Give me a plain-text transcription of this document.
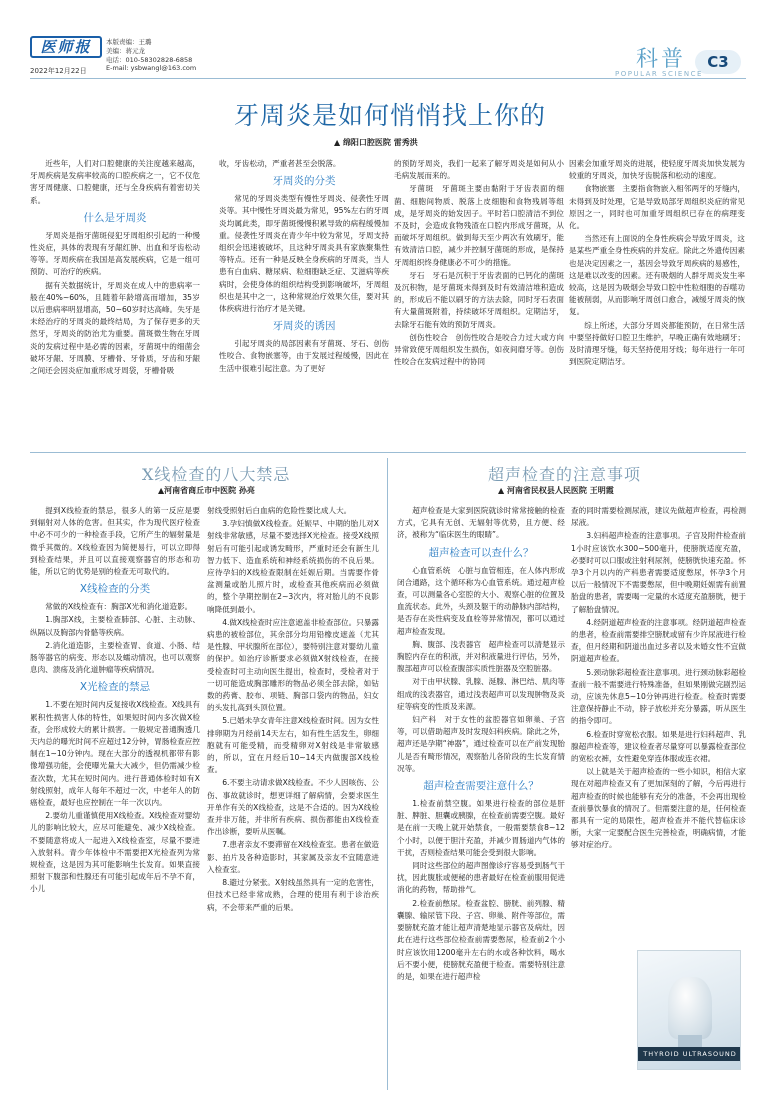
医师报
2022年12月22日
本版责编：王璐
美编：蒋元龙
电话：010-58302828-6858
E-mail: ysbwangl@163.com	科普	C3
POPULAR SCIENCE
牙周炎是如何悄悄找上你的
▲ 绵阳口腔医院 雷秀洪

近些年，人们对口腔健康的关注度越来越高，牙周疾病是发病率较高的口腔疾病之一，它不仅危害牙周健康、口腔健康，还与全身疾病有着密切关系。

什么是牙周炎

牙周炎是指牙菌斑侵犯牙周组织引起的一种慢性炎症，具体的表现有牙龈红肿、出血和牙齿松动等等。牙周疾病在我国是高发展疾病，它是一组可预防、可治疗的疾病。

据有关数据统计，牙周炎在成人中的患病率一般在40%~60%，且随着年龄增高而增加，35岁以后患病率明显增高，50~60岁时达高峰。失牙是未经治疗的牙周炎的最终结局，为了保存更多的天然牙，牙周炎的防治尤为重要。菌斑微生物在牙周炎的发病过程中是必需的因素，牙菌斑中的细菌会破坏牙龈、牙周膜、牙槽骨、牙骨质，牙齿和牙龈之间还会因炎症加重形成牙周袋，牙槽骨吸

收，牙齿松动，严重者甚至会脱落。

牙周炎的分类

常见的牙周炎类型有慢性牙周炎、侵袭性牙周炎等。其中慢性牙周炎最为常见，95%左右的牙周炎均属此类，即牙菌斑慢慢积累导致的病程缓慢加重。侵袭性牙周炎在青少年中较为常见，牙周支持组织会迅速被破坏，且这种牙周炎具有家族聚集性等特点。还有一种是反映全身疾病的牙周炎，当人患有白血病、糖尿病、粒细胞缺乏症、艾滋病等疾病时，会使身体的组织结构受到影响破坏，牙周组织也是其中之一，这种常规治疗效果欠佳，要对其体疾病进行治疗才是关键。

牙周炎的诱因

引起牙周炎的局部因素有牙菌斑、牙石、创伤性咬合、食物嵌塞等，由于发展过程缓慢，因此在生活中很难引起注意。为了更好

的预防牙周炎，我们一起来了解牙周炎是如何从小毛病发展而来的。

牙菌斑　牙菌斑主要由黏附于牙齿表面的细菌、细胞间物质、脱落上皮细胞和食物残屑等组成，是牙周炎的始发因子。平时若口腔清洁不到位不及时，会造成食物残渣在口腔内形成牙菌斑，从而破坏牙周组织。做到每天至少两次有效刷牙，能有效清洁口腔，减少并控制牙菌斑的形成，是保持牙周组织终身健康必不可少的措施。

牙石　牙石是沉积于牙齿表面的已钙化的菌斑及沉积物，是牙菌斑未得到及时有效清洁堆积造成的，形成后不能以刷牙的方法去除，同时牙石表面有大量菌斑附着，持续破坏牙周组织。定期洁牙，去除牙石能有效的预防牙周炎。

创伤性咬合　创伤性咬合是咬合力过大或方向异常致使牙周组织发生损伤，如夜间磨牙等。创伤性咬合在发病过程中的协同

因素会加重牙周炎的进展，使轻度牙周炎加快发展为较重的牙周炎，加快牙齿脱落和松动的速度。

食物嵌塞　主要指食物嵌入相邻两牙的牙缝内，未得到及时处理，它是导致局部牙周组织炎症的常见原因之一，同时也可加重牙周组织已存在的病理变化。

当然还有上面说的全身性疾病会导致牙周炎，这是某些严重全身性疾病的并发症。除此之外遗传因素也是决定因素之一，基因会导致牙周疾病的易感性，这是难以改变的因素。还有吸烟的人群牙周炎发生率较高，这是因为吸烟会导致口腔中性粒细胞的吞噬功能被削弱，从而影响牙周创口愈合，减缓牙周炎的恢复。

综上所述，大部分牙周炎都能预防，在日常生活中要坚持做好口腔卫生维护，早晚正确有效地刷牙；及时清理牙缝，每天坚持使用牙线；每年进行一年可到医院定期洁牙。

X线检查的八大禁忌
▲河南省商丘市中医院 孙亮

提到X线检查的禁忌，很多人的第一反应是要到辐射对人体的危害。但其实，作为现代医疗检查中必不可少的一种检查手段，它所产生的辐射量是微乎其微的。X线检查因为简便易行，可以立即得到检查结果，并且可以直接观察器官的形态和功能，所以它的优势是别的检查无可取代的。

X线检查的分类

常做的X线检查有：胸部X光和消化道造影。

1.胸部X线，主要检查肺部、心脏、主动脉、纵隔以及胸部内骨骼等疾病。

2.消化道造影，主要检查胃、食道、小肠、结肠等器官的病变、形态以及蠕动情况，也可以观察息肉、溃疡及消化道肿瘤等疾病情况。

X光检查的禁忌

1.不要在短时间内反复接收X线检查。X线具有累积性损害人体的特性，如果短时间内多次做X检查，会形成较大的累计损害。一般规定普通胸透几天内总的曝光时间不应超过12分钟，胃肠检查应控制在1~10分钟内。现在大部分的透视机都带有影像增强功能，会使曝光量大大减少，但仍需减少检查次数，尤其在短时间内。进行普通体检时如有X射线照射，成年人每年不超过一次，中老年人的防癌检查，最好也应控制在一年一次以内。

2.要幼儿重谨慎使用X线检查。X线检查对婴幼儿的影响比较大，应尽可能避免、减少X线检查。不要随意将成人一起进入X线检查室，尽量不要进入放射科。青少年体检中不需要把X光检查列为常规检查，这是因为其可能影响生长发育。如果直接照射下腹部和性腺还有可能引起成年后不孕不育，小儿

射线受照射后白血病的危险性要比成人大。

3.孕妇慎做X线检查。妊娠早、中期的胎儿对X射线非常敏感，尽量不要选择X光检查。接受X线照射后有可能引起或诱发畸形，严重时还会有新生儿智力低下、造血系统和神经系统损伤的不良后果。应待孕妇的X线检查限制在妊娠后期。当需要作骨盆测量或胎儿照片时，或检查其他疾病而必须做的，整个孕期控制在2~3次内，将对胎儿的不良影响降低到最小。

4.做X线检查时应注意遮盖非检查部位。只暴露病患的被检部位，其余部分均用铅橡皮遮盖（尤其是性腺、甲状腺所在部位），要特别注意对婴幼儿童的保护。如治疗诊断要求必须做X射线检查，在接受检查时可主动向医生提出，检查时，受检者对于一切可能造成胸部雕形的物品必须全部去除，如钻数的药膏、胶布、项链、胸部口袋内的物品，妇女的头发扎高到头顶位置。

5.已婚未孕女青年注意X线检查时间。因为女性排卵期为月经前14天左右，如有性生活发生，卵细胞就有可能受精，而受精卵对X射线是非常敏感的，所以，宜在月经后10~14天内做腹部X线检查。

6.不要主动请求做X线检查。不少人因咳伤、公伤、事故就诊时，想更详细了解病情，会要求医生开单作有关的X线检查，这是不合适的。因为X线检查并非万能，并非所有疾病、损伤都能由X线检查作出诊断，要听从医嘱。

7.患者亲友不要滞留在X线检查室。患者在做造影、拍片及各种造影时，其家属及亲友不宜随意进入检查室。

8.避过分紧张。X射线虽然具有一定的危害性，但技术已经非常成熟，合理的使用有利于诊治疾病，不会带来严重的后果。

超声检查的注意事项
▲ 河南省民权县人民医院 王明霞

超声检查是大家到医院就诊时常常接触的检查方式，它具有无创、无辐射等优势，且方便、经济，被称为“临床医生的眼睛”。

超声检查可以查什么？

心血管系统　心脏与血管相连，在人体内形成闭合通路，这个循环称为心血管系统。通过超声检查，可以测量各心室腔的大小、观察心脏的位置及血流状态。此外，头颈及躯干的动静脉内部结构，是否存在炎性病变及血栓等异常情况，都可以通过超声检查发现。

胸、腹部、浅表器官　超声检查可以清楚显示胸腔内存在的积液，并对积液量进行评估，另外，腹部超声可以检查腹部实质性脏器及空腔脏器。

对于由甲状腺、乳腺、涎腺、淋巴结、肌肉等组成的浅表器官，通过浅表超声可以发现肿物及炎症等病变的性质及来源。

妇产科　对于女性的盆腔器官如卵巢、子宫等，可以借助超声及时发现妇科疾病。除此之外，超声还是孕期“神器”，通过检查可以在产前发现胎儿是否有畸形情况，观察胎儿各阶段的生长发育情况等。

超声检查需要注意什么？

1.检查前禁空腹。如果进行检查的部位是肝脏、脾脏、胆囊或胰腺，在检查前需要空腹。最好是在前一天晚上就开始禁食，一般需要禁食8~12个小时，以便于胆汁充盈，并减少胃肠道内气体的干扰，否则检查结果可能会受到很大影响。

同时这些部位的超声图像诊疗容易受到肠气干扰，因此腹胀或便秘的患者最好在检查前服用促进消化的药物，帮助排气。

2.检查前憋尿。检查盆腔、膀胱、前列腺、精囊腺、输尿管下段、子宫、卵巢、附件等部位，需要膀胱充盈才能让超声清楚地显示器官及病灶，因此在进行这些部位检查前需要憋尿，检查前2个小时应该饮用1200毫升左右的水或各种饮料，喝水后不要小便，使膀胱充盈便于检查。需要特别注意的是，如果在进行超声检

查的同时需要检测尿液，建议先做超声检查，再检测尿液。

3.妇科超声检查的注意事项。子宫及附件检查前1小时应该饮水300~500毫升，使膀胱适度充盈，必要时可以口服或注射利尿剂，使膀胱快速充盈。怀孕3个月以内的产科患者需要适度憋尿，怀孕3个月以后一般情况下不需要憋尿，但中晚期妊娠需有前置胎盘的患者，需要喝一定量的水适度充盈膀胱，便于了解胎盘情况。

4.经阴道超声检查的注意事项。经阴道超声检查的患者，检查前需要排空膀胱或留有少许尿液进行检查，但月经期和阴道出血过多者以及未婚女性不宜做阴道超声检查。

5.颈动脉彩超检查注意事项。进行颈动脉彩超检查前一般不需要进行特殊准备，但如果刚做完剧烈运动，应该先休息5~10分钟再进行检查。检查时需要注意保持静止不动，脖子放松并充分暴露，听从医生的指令即可。

6.检查时穿宽松衣服。如果是进行妇科超声、乳腺超声检查等，建议检查者尽量穿可以暴露检查部位的宽松衣裤，女性避免穿连体服或连衣裙。

以上就是关于超声检查的一些小知识，相信大家现在对超声检查又有了更加深刻的了解，今后再进行超声检查的时候也能够有充分的准备，不会再出现检查前暴饮暴食的情况了。但需要注意的是，任何检查都具有一定的局限性，超声检查并不能代替临床诊断，大家一定要配合医生完善检查，明确病情，才能够对症治疗。

THYROID ULTRASOUND
